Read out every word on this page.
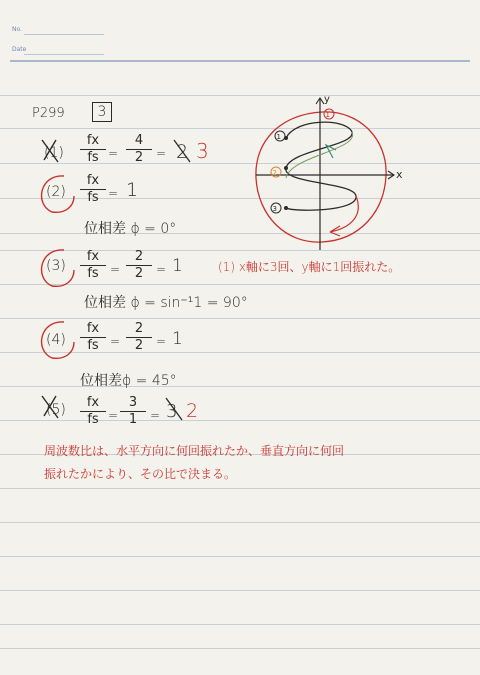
No.
Date
P299	3
(1)
fx
fs =
4
2	= 2 3
(2)
fx
fs = 1
位相差 ϕ = 0°
(3)
fx
fs =
2
2	= 1	(1) x軸に3回、y軸に1回振れた。
位相差 ϕ = sin⁻¹1 = 90°
(4)
fx
fs =
2
2	= 1
位相差ϕ = 45°
(5)	fx
fs =
3
1	= 3 2
周波数比は、水平方向に何回振れたか、垂直方向に何回
振れたかにより、その比で決まる。
1
2
3
1
y
x
